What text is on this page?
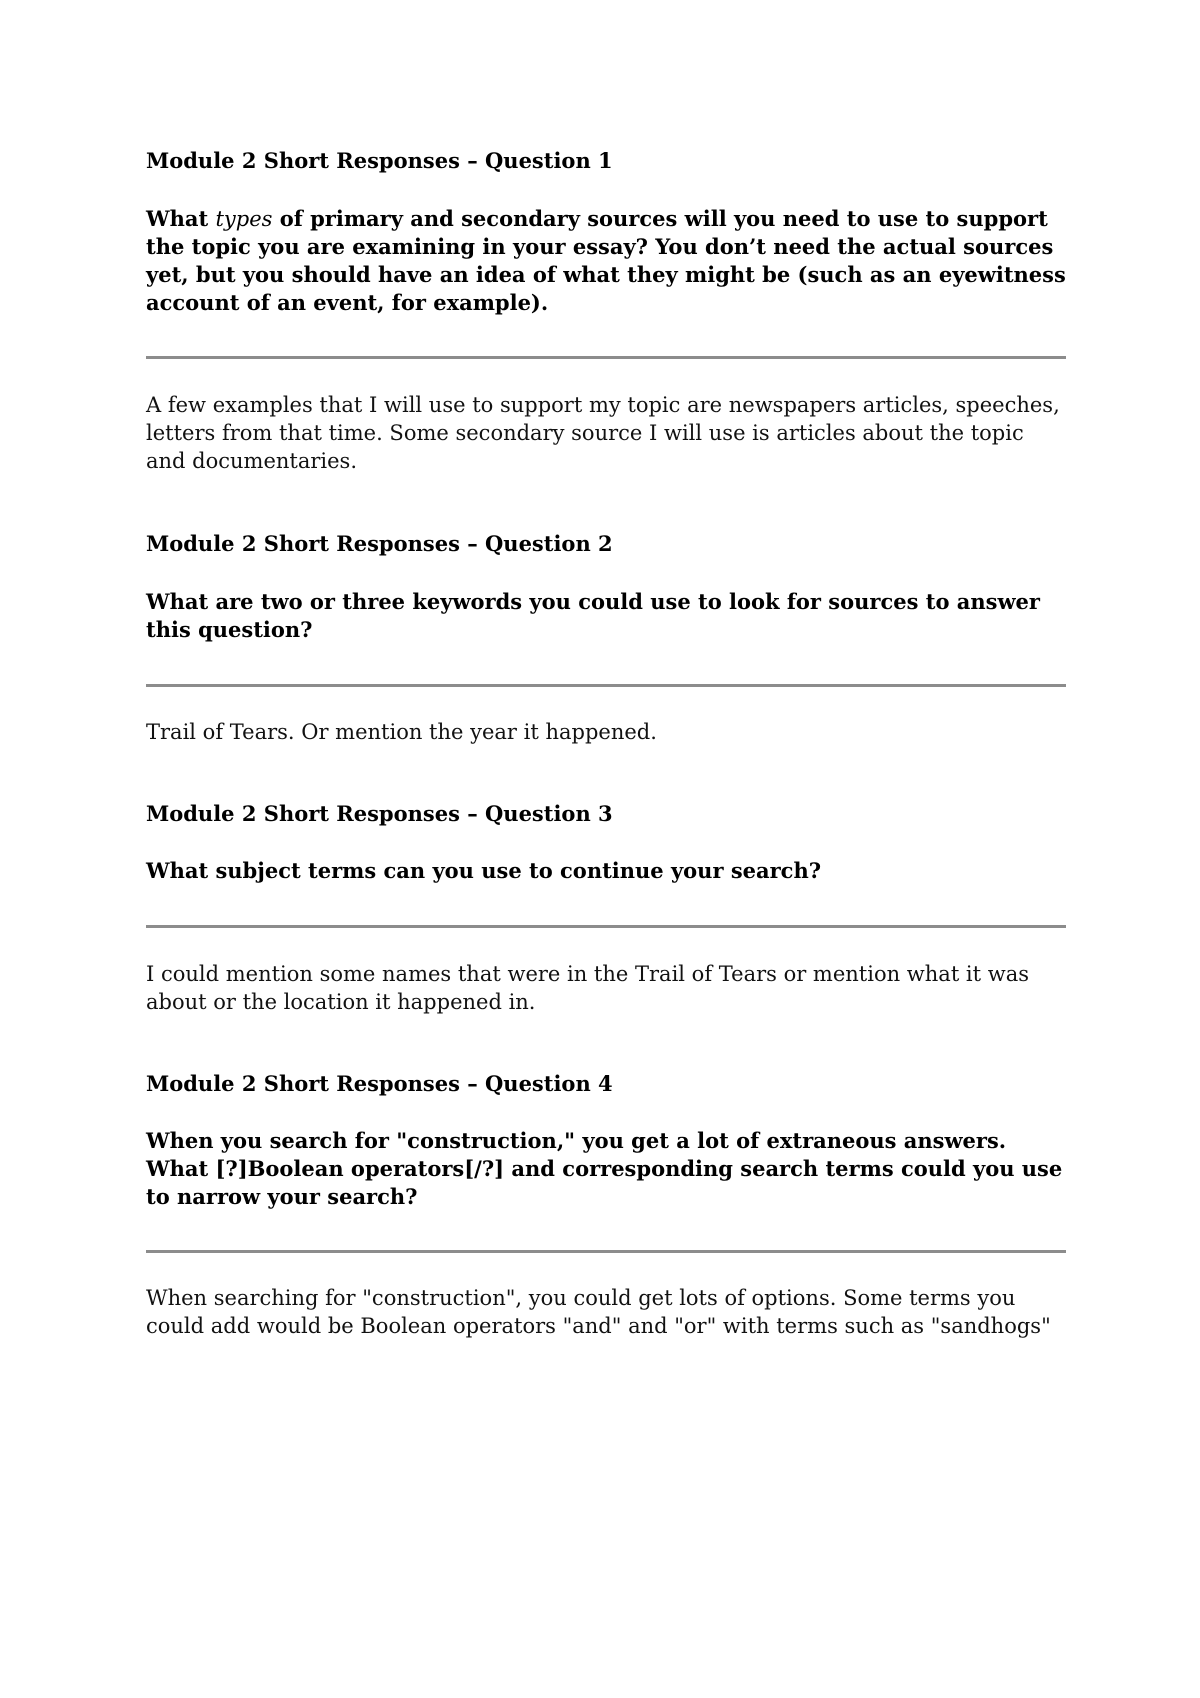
Module 2 Short Responses – Question 1
What types of primary and secondary sources will you need to use to support the topic you are examining in your essay? You don’t need the actual sources yet, but you should have an idea of what they might be (such as an eyewitness account of an event, for example).
A few examples that I will use to support my topic are newspapers articles, speeches, letters from that time. Some secondary source I will use is articles about the topic and documentaries.
Module 2 Short Responses – Question 2
What are two or three keywords you could use to look for sources to answer this question?
Trail of Tears. Or mention the year it happened.
Module 2 Short Responses – Question 3
What subject terms can you use to continue your search?
I could mention some names that were in the Trail of Tears or mention what it was about or the location it happened in.
Module 2 Short Responses – Question 4
When you search for "construction," you get a lot of extraneous answers. What [?]Boolean operators[/?] and corresponding search terms could you use to narrow your search?
When searching for "construction", you could get lots of options. Some terms you could add would be Boolean operators "and" and "or" with terms such as "sandhogs"
